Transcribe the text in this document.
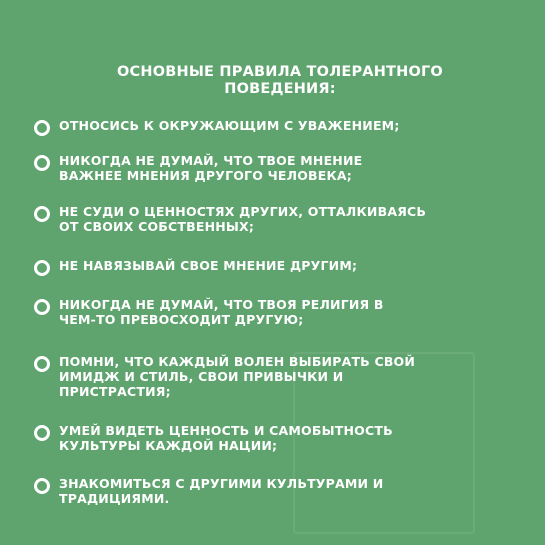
ОСНОВНЫЕ ПРАВИЛА ТОЛЕРАНТНОГО ПОВЕДЕНИЯ:
ОТНОСИСЬ К ОКРУЖАЮЩИМ С УВАЖЕНИЕМ;
НИКОГДА НЕ ДУМАЙ, ЧТО ТВОЕ МНЕНИЕ
ВАЖНЕЕ МНЕНИЯ ДРУГОГО ЧЕЛОВЕКА;
НЕ СУДИ О ЦЕННОСТЯХ ДРУГИХ, ОТТАЛКИВАЯСЬ
ОТ СВОИХ СОБСТВЕННЫХ;
НЕ НАВЯЗЫВАЙ СВОЕ МНЕНИЕ ДРУГИМ;
НИКОГДА НЕ ДУМАЙ, ЧТО ТВОЯ РЕЛИГИЯ В
ЧЕМ-ТО ПРЕВОСХОДИТ ДРУГУЮ;
ПОМНИ, ЧТО КАЖДЫЙ ВОЛЕН ВЫБИРАТЬ СВОЙ
ИМИДЖ И СТИЛЬ, СВОИ ПРИВЫЧКИ И
ПРИСТРАСТИЯ;
УМЕЙ ВИДЕТЬ ЦЕННОСТЬ И САМОБЫТНОСТЬ
КУЛЬТУРЫ КАЖДОЙ НАЦИИ;
ЗНАКОМИТЬСЯ С ДРУГИМИ КУЛЬТУРАМИ И
ТРАДИЦИЯМИ.
